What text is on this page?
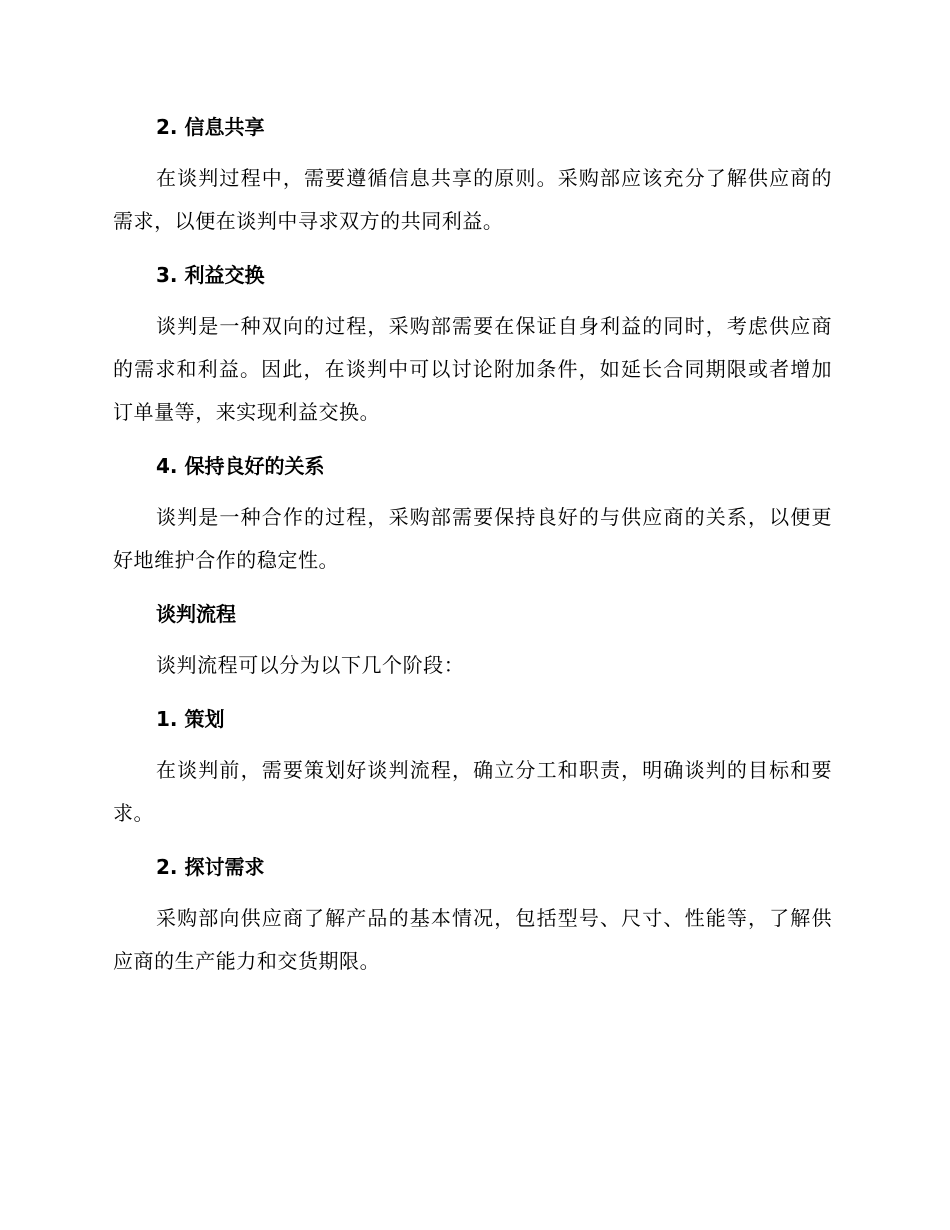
2. 信息共享

在谈判过程中，需要遵循信息共享的原则。采购部应该充分了解供应商的需求，以便在谈判中寻求双方的共同利益。

3. 利益交换

谈判是一种双向的过程，采购部需要在保证自身利益的同时，考虑供应商的需求和利益。因此，在谈判中可以讨论附加条件，如延长合同期限或者增加订单量等，来实现利益交换。

4. 保持良好的关系

谈判是一种合作的过程，采购部需要保持良好的与供应商的关系，以便更好地维护合作的稳定性。

谈判流程

谈判流程可以分为以下几个阶段：

1. 策划

在谈判前，需要策划好谈判流程，确立分工和职责，明确谈判的目标和要求。

2. 探讨需求

采购部向供应商了解产品的基本情况，包括型号、尺寸、性能等，了解供应商的生产能力和交货期限。
